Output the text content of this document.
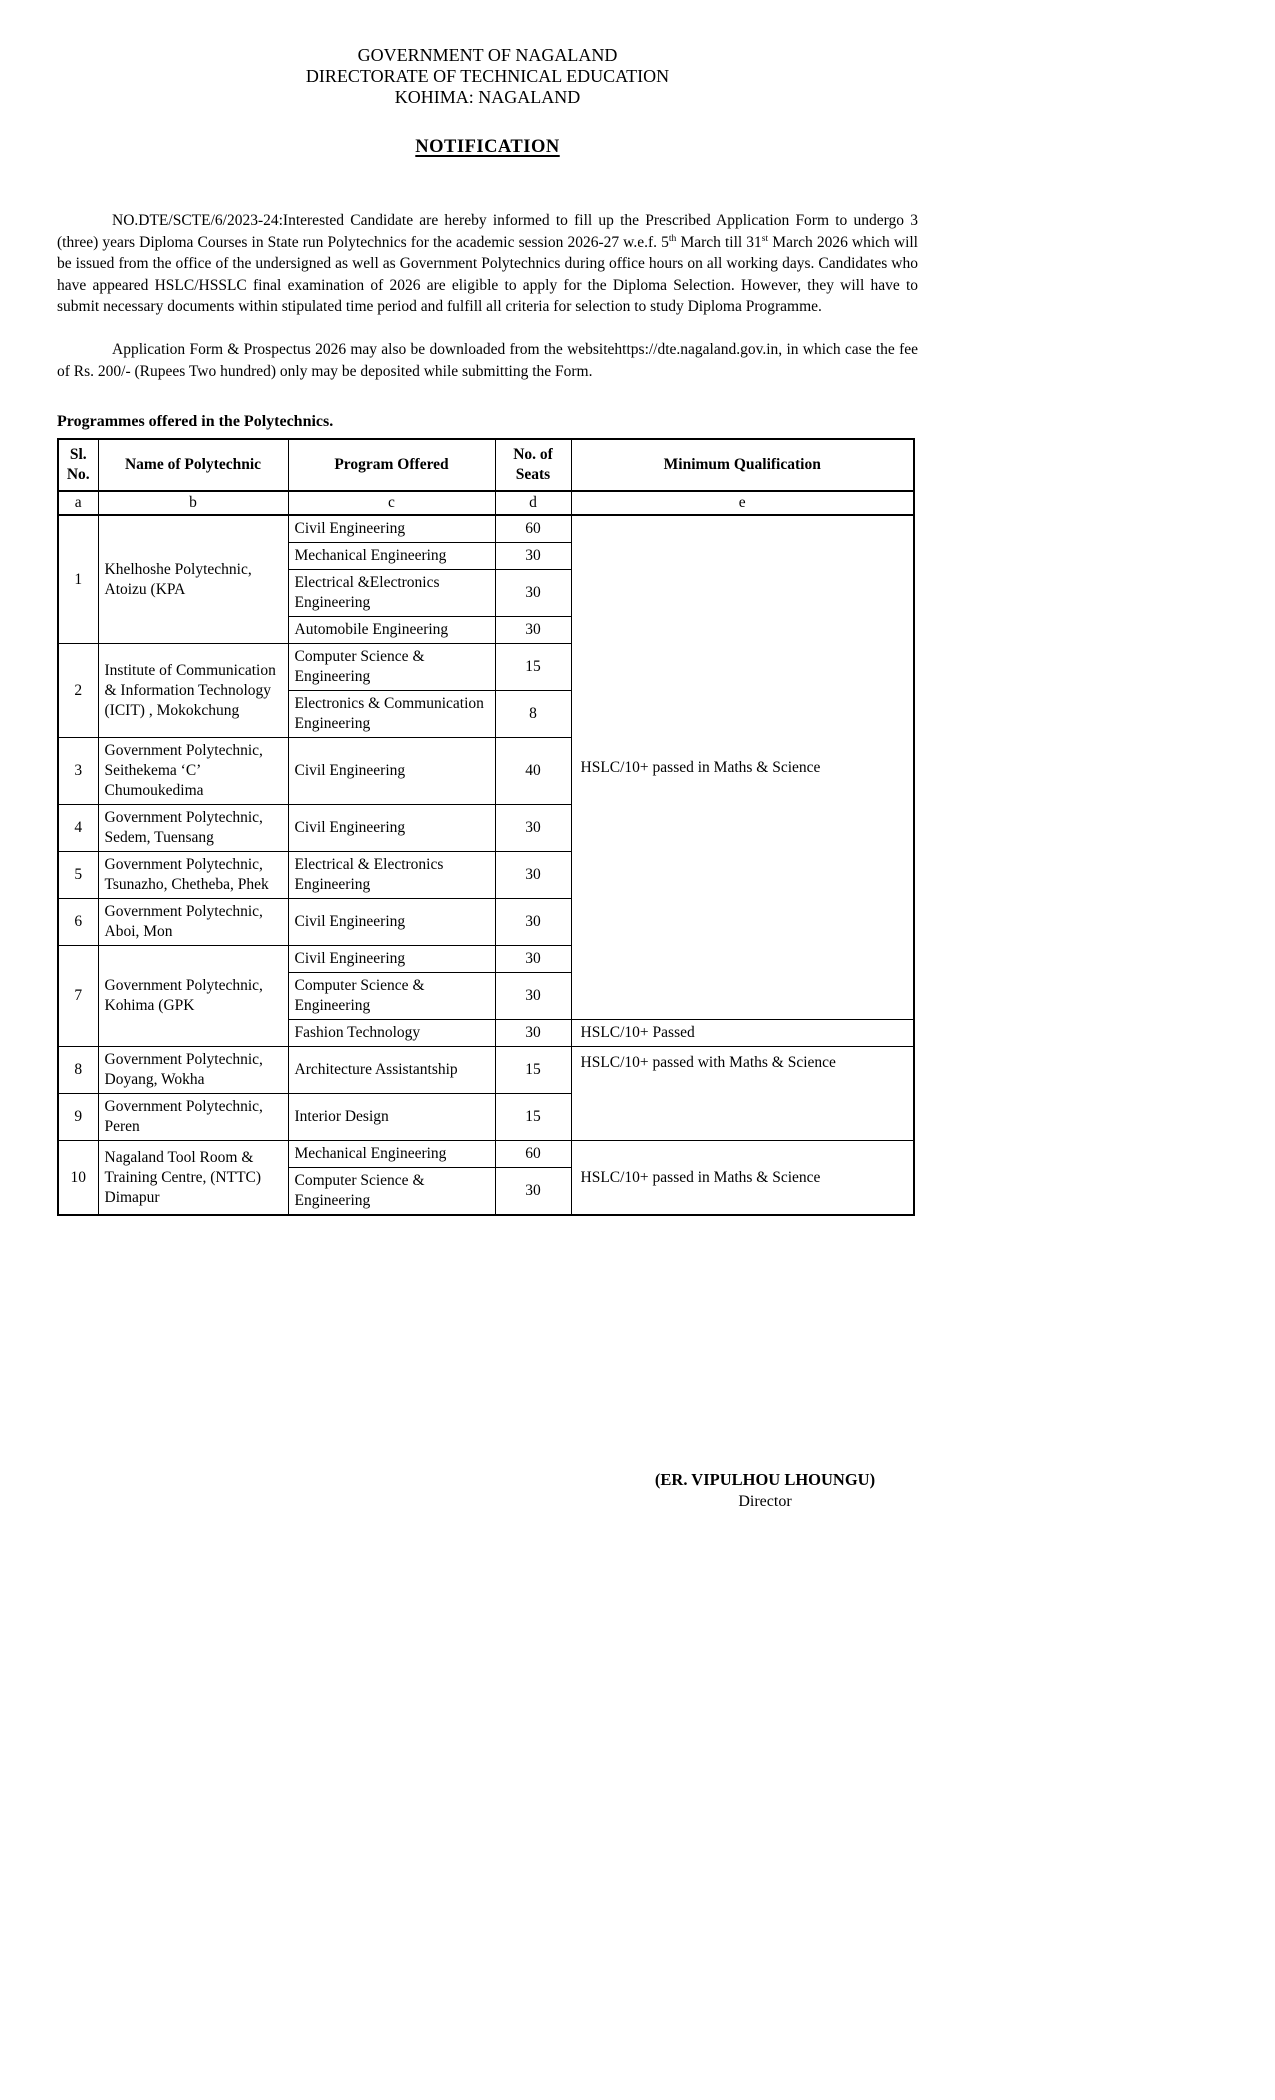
GOVERNMENT OF NAGALAND
DIRECTORATE OF TECHNICAL EDUCATION
KOHIMA: NAGALAND
NOTIFICATION

NO.DTE/SCTE/6/2023-24:Interested Candidate are hereby informed to fill up the Prescribed Application Form to undergo 3 (three) years Diploma Courses in State run Polytechnics for the academic session 2026-27 w.e.f. 5th March till 31st March 2026 which will be issued from the office of the undersigned as well as Government Polytechnics during office hours on all working days. Candidates who have appeared HSLC/HSSLC final examination of 2026 are eligible to apply for the Diploma Selection. However, they will have to submit necessary documents within stipulated time period and fulfill all criteria for selection to study Diploma Programme.

Application Form & Prospectus 2026 may also be downloaded from the websitehttps://dte.nagaland.gov.in, in which case the fee of Rs. 200/- (Rupees Two hundred) only may be deposited while submitting the Form.

Programmes offered in the Polytechnics.
Sl. No.	Name of Polytechnic	Program Offered	No. of Seats	Minimum Qualification
a	b	c	d	e
1	Khelhoshe Polytechnic, Atoizu (KPA	Civil Engineering	60	HSLC/10+ passed in Maths & Science
		Mechanical Engineering	30	
		Electrical &Electronics Engineering	30	
		Automobile Engineering	30	
2	Institute of Communication & Information Technology (ICIT) , Mokokchung	Computer Science & Engineering	15	
		Electronics & Communication Engineering	8	
3	Government Polytechnic, Seithekema ‘C’ Chumoukedima	Civil Engineering	40	
4	Government Polytechnic, Sedem, Tuensang	Civil Engineering	30	
5	Government Polytechnic, Tsunazho, Chetheba, Phek	Electrical & Electronics Engineering	30	
6	Government Polytechnic, Aboi, Mon	Civil Engineering	30	
7	Government Polytechnic, Kohima (GPK	Civil Engineering	30	
		Computer Science & Engineering	30	
		Fashion Technology	30	HSLC/10+ Passed
8	Government Polytechnic, Doyang, Wokha	Architecture Assistantship	15	HSLC/10+ passed with Maths & Science
9	Government Polytechnic, Peren	Interior Design	15	
10	Nagaland Tool Room & Training Centre, (NTTC) Dimapur	Mechanical Engineering	60	HSLC/10+ passed in Maths & Science
		Computer Science & Engineering	30	
(ER. VIPULHOU LHOUNGU)
Director
